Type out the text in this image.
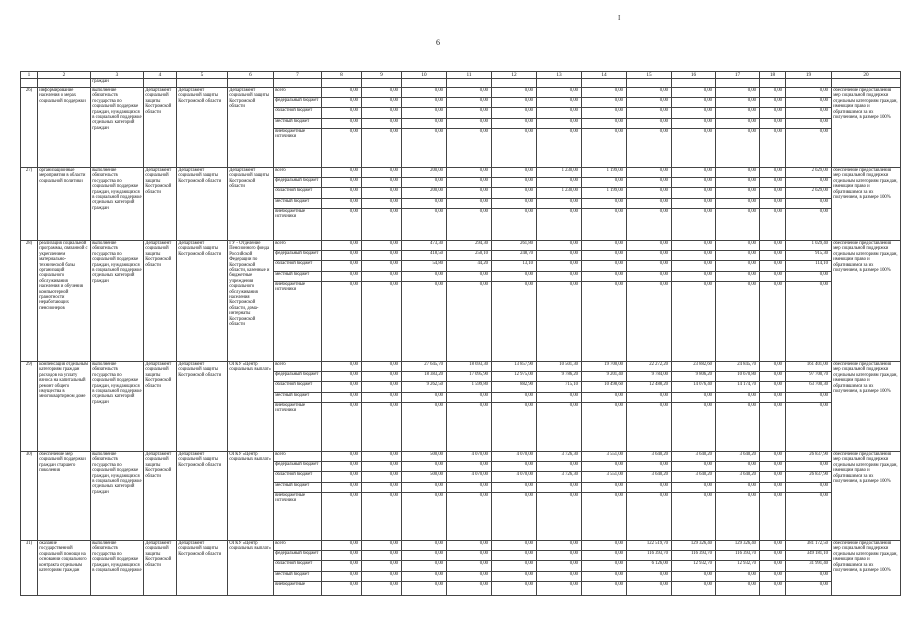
I
6
1	2	3	4	5	6	7	8	9	10	11	12	13	14	15	16	17	18	19	20
		граждан																	
26)	информирование населения о мерах социальной поддержки	выполнение обязательств государства по социальной поддержке граждан, нуждающихся в социальной поддержке отдельных категорий граждан	Департамент социальной защиты Костромской области	Департамент социальной защиты Костромской области	Департамент социальной защиты Костромской области	всего	0,00	0,00	0,00	0,00	0,00	0,00	0,00	0,00	0,00	0,00	0,00	0,00	обеспечение предоставления мер социальной поддержки отдельным категориям граждан, имеющим право и обратившимся за их получением, в размере 100%
						федеральный бюджет	0,00	0,00	0,00	0,00	0,00	0,00	0,00	0,00	0,00	0,00	0,00	0,00	
						областной бюджет	0,00	0,00	0,00	0,00	0,00	0,00	0,00	0,00	0,00	0,00	0,00	0,00	
						местный бюджет	0,00	0,00	0,00	0,00	0,00	0,00	0,00	0,00	0,00	0,00	0,00	0,00	
						внебюджетные источники	0,00	0,00	0,00	0,00	0,00	0,00	0,00	0,00	0,00	0,00	0,00	0,00	
27)	организационные мероприятия в области социальной политики	выполнение обязательств государства по социальной поддержке граждан, нуждающихся в социальной поддержке отдельных категорий граждан	Департамент социальной защиты Костромской области	Департамент социальной защиты Костромской области	Департамент социальной защиты Костромской области	всего	0,00	0,00	200,00	0,00	0,00	1 230,00	1 199,00	0,00	0,00	0,00	0,00	2 629,00	обеспечение предоставления мер социальной поддержки отдельным категориям граждан, имеющим право и обратившимся за их получением, в размере 100%
						федеральный бюджет	0,00	0,00	0,00	0,00	0,00	0,00	0,00	0,00	0,00	0,00	0,00	0,00	
						областной бюджет	0,00	0,00	200,00	0,00	0,00	1 230,00	1 199,00	0,00	0,00	0,00	0,00	2 629,00	
						местный бюджет	0,00	0,00	0,00	0,00	0,00	0,00	0,00	0,00	0,00	0,00	0,00	0,00	
						внебюджетные источники	0,00	0,00	0,00	0,00	0,00	0,00	0,00	0,00	0,00	0,00	0,00	0,00	
28)	реализация социальной программы, связанной с укреплением материально-технической базы организаций социального обслуживания населения и обучения компьютерной грамотности неработающих пенсионеров	выполнение обязательств государства по социальной поддержке граждан, нуждающихся в социальной поддержке отдельных категорий граждан	Департамент социальной защиты Костромской области	Департамент социальной защиты Костромской области	ГУ - Отделение Пенсионного фонда Российской Федерации по Костромской области, казенные и бюджетные учреждения социального обслуживания населения Костромской области, дома-интернаты Костромской области	всего	0,00	0,00	473,30	294,30	261,80	0,00	0,00	0,00	0,00	0,00	0,00	1 029,40	обеспечение предоставления мер социальной поддержки отдельным категориям граждан, имеющим право и обратившимся за их получением, в размере 100%
						федеральный бюджет	0,00	0,00	418,50	250,10	248,70	0,00	0,00	0,00	0,00	0,00	0,00	915,30	
						областной бюджет	0,00	0,00	54,80	44,20	13,10	0,00	0,00	0,00	0,00	0,00	0,00	114,10	
						местный бюджет	0,00	0,00	0,00	0,00	0,00	0,00	0,00	0,00	0,00	0,00	0,00	0,00	
						внебюджетные источники	0,00	0,00	0,00	0,00	0,00	0,00	0,00	0,00	0,00	0,00	0,00	0,00	
29)	компенсация отдельным категориям граждан расходов на уплату взноса на капитальный ремонт общего имущества в многоквартирном доме	выполнение обязательств государства по социальной поддержке граждан, нуждающихся в социальной поддержке отдельных категорий граждан	Департамент социальной защиты Костромской области	Департамент социальной защиты Костромской области	ОГКУ «Центр социальных выплат»	всего	0,00	0,00	27 645,70	18 693,30	13 857,90	10 501,30	19 700,00	22 272,20	23 882,60	24 845,70	0,00	161 401,00	обеспечение предоставления мер социальной поддержки отдельным категориям граждан, имеющим право и обратившимся за их получением, в размере 100%
						федеральный бюджет	0,00	0,00	18 383,20	17 095,90	12 975,00	9 786,20	9 201,40	9 784,00	9 806,20	10 670,80	0,00	97 700,70	
						областной бюджет	0,00	0,00	9 262,50	1 599,80	882,90	715,10	10 498,60	12 488,20	14 076,40	14 174,70	0,00	63 700,30	
						местный бюджет	0,00	0,00	0,00	0,00	0,00	0,00	0,00	0,00	0,00	0,00	0,00	0,00	
						внебюджетные источники	0,00	0,00	0,00	0,00	0,00	0,00	0,00	0,00	0,00	0,00	0,00	0,00	
30)	обеспечение мер социальной поддержки граждан старшего поколения	выполнение обязательств государства по социальной поддержке граждан, нуждающихся в социальной поддержке отдельных категорий граждан	Департамент социальной защиты Костромской области	Департамент социальной защиты Костромской области	ОГКУ «Центр социальных выплат»	всего	0,00	0,00	500,00	4 070,00	4 070,00	3 726,30	3 551,00	3 640,20	3 640,20	3 640,20	0,00	26 837,90	обеспечение предоставления мер социальной поддержки отдельным категориям граждан, имеющим право и обратившимся за их получением, в размере 100%
						федеральный бюджет	0,00	0,00	0,00	0,00	0,00	0,00	0,00	0,00	0,00	0,00	0,00	0,00	
						областной бюджет	0,00	0,00	500,00	4 070,00	4 070,00	3 726,30	3 551,00	3 640,20	3 640,20	3 640,20	0,00	26 837,90	
						местный бюджет	0,00	0,00	0,00	0,00	0,00	0,00	0,00	0,00	0,00	0,00	0,00	0,00	
						внебюджетные источники	0,00	0,00	0,00	0,00	0,00	0,00	0,00	0,00	0,00	0,00	0,00	0,00	
31)	оказание государственной социальной помощи на основании социального контракта отдельным категориям граждан	выполнение обязательств государства по социальной поддержке граждан, нуждающихся в социальной поддержке	Департамент социальной защиты Костромской области	Департамент социальной защиты Костромской области	ОГКУ «Центр социальных выплат»	всего	0,00	0,00	0,00	0,00	0,00	0,00	0,00	122 519,70	129 326,40	129 326,40	0,00	381 172,50	обеспечение предоставления мер социальной поддержки отдельным категориям граждан, имеющим право и обратившимся за их получением, в размере 100%
						федеральный бюджет	0,00	0,00	0,00	0,00	0,00	0,00	0,00	116 393,70	116 393,70	116 393,70	0,00	349 181,10	
						областной бюджет	0,00	0,00	0,00	0,00	0,00	0,00	0,00	6 126,00	12 932,70	12 932,70	0,00	31 991,40	
						местный бюджет	0,00	0,00	0,00	0,00	0,00	0,00	0,00	0,00	0,00	0,00	0,00	0,00	
						внебюджетные	0,00	0,00	0,00	0,00	0,00	0,00	0,00	0,00	0,00	0,00	0,00	0,00	
